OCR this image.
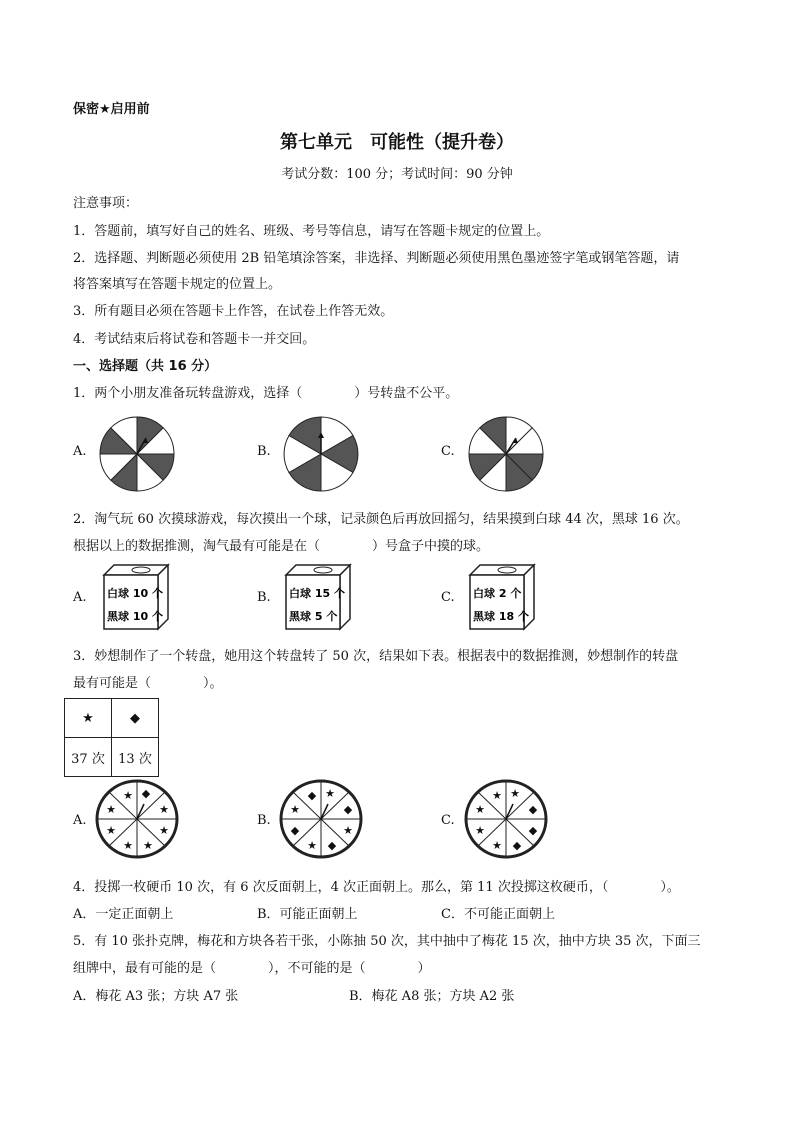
保密★启用前
第七单元　可能性（提升卷）
考试分数：100 分；考试时间：90 分钟
注意事项：
1．答题前，填写好自己的姓名、班级、考号等信息，请写在答题卡规定的位置上。
2．选择题、判断题必须使用 2B 铅笔填涂答案，非选择、判断题必须使用黑色墨迹签字笔或钢笔答题，请
将答案填写在答题卡规定的位置上。
3．所有题目必须在答题卡上作答，在试卷上作答无效。
4．考试结束后将试卷和答题卡一并交回。
一、选择题（共 16 分）
1．两个小朋友准备玩转盘游戏，选择（　　　　）号转盘不公平。
A.	B.	C.
2．淘气玩 60 次摸球游戏，每次摸出一个球，记录颜色后再放回摇匀，结果摸到白球 44 次，黑球 16 次。
根据以上的数据推测，淘气最有可能是在（　　　　）号盒子中摸的球。
A.	B.	C.
白球 10 个
黑球 10 个
白球 15 个
黑球 5 个
白球 2 个
黑球 18 个
3．妙想制作了一个转盘，她用这个转盘转了 50 次，结果如下表。根据表中的数据推测，妙想制作的转盘
最有可能是（　　　　）。
★	◆
37 次	13 次
A.	B.	C.
★
★
★
★ ★
★
★
◆	◆
★
◆
★ ◆
★
◆
★	★
★
★
★ ◆
◆
◆
★
4．投掷一枚硬币 10 次，有 6 次反面朝上，4 次正面朝上。那么，第 11 次投掷这枚硬币，（　　　　）。
A．一定正面朝上	B．可能正面朝上	C．不可能正面朝上
5．有 10 张扑克牌，梅花和方块各若干张，小陈抽 50 次，其中抽中了梅花 15 次，抽中方块 35 次，下面三
组牌中，最有可能的是（　　　　），不可能的是（　　　　）
A．梅花 A3 张；方块 A7 张	B．梅花 A8 张；方块 A2 张
